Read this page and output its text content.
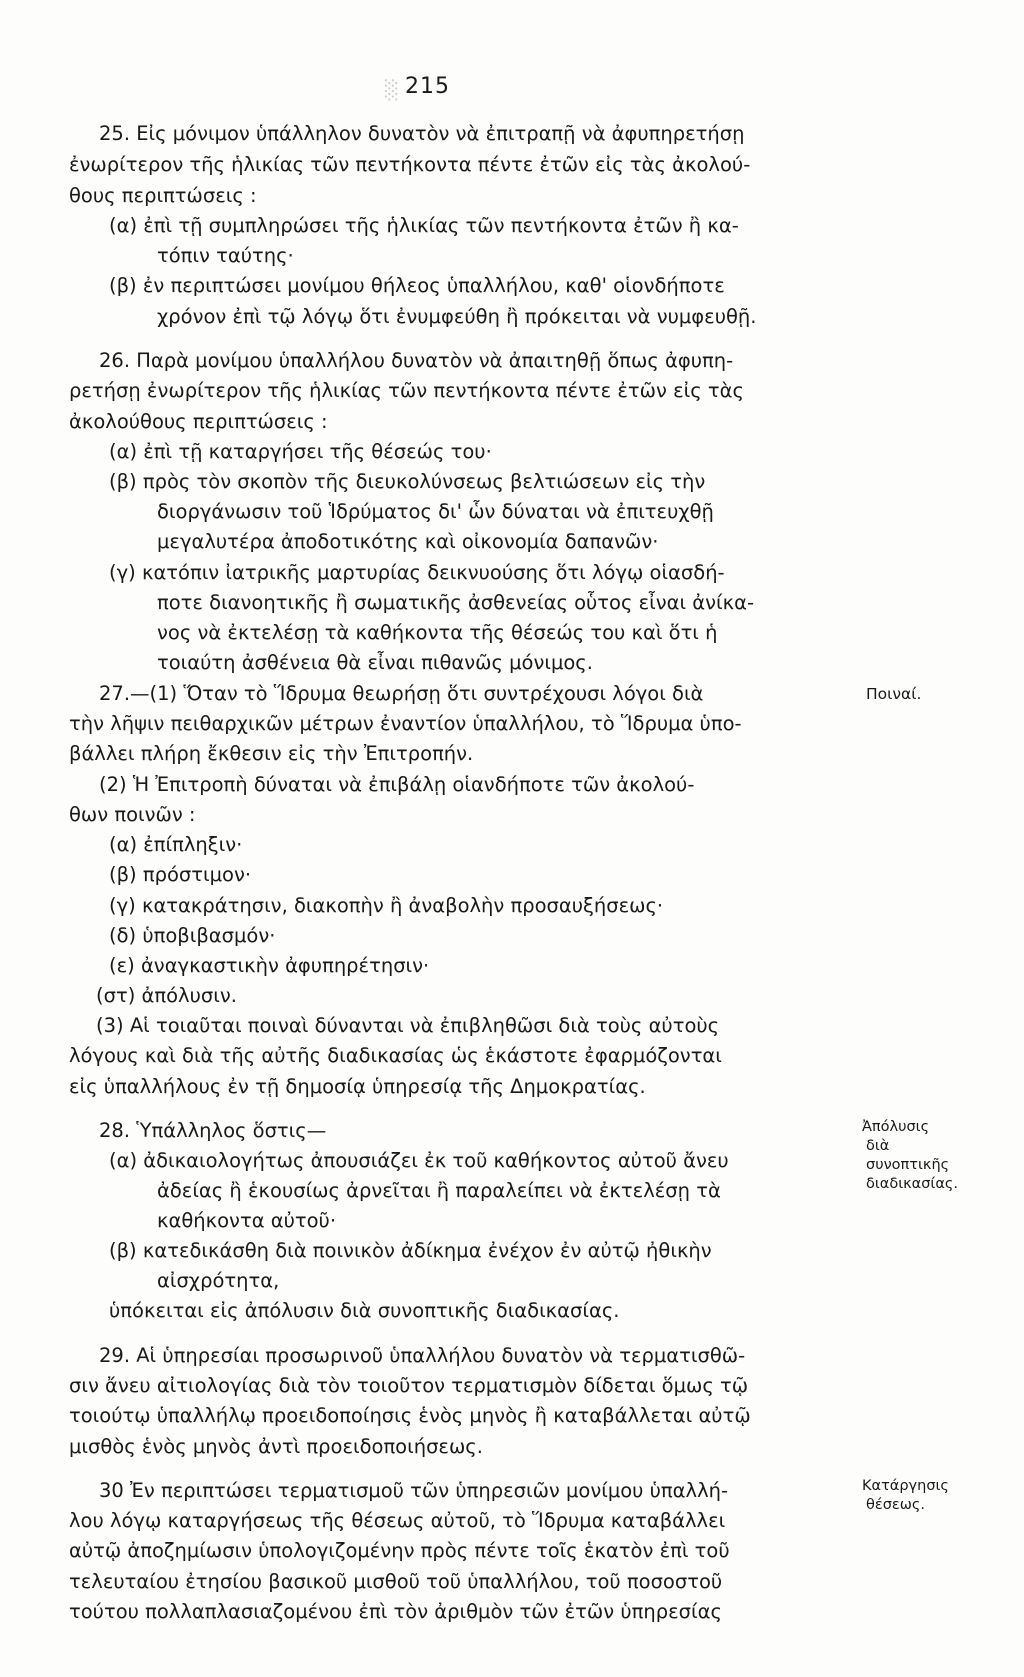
215
░
25. Εἰς μόνιμον ὑπάλληλον δυνατὸν νὰ ἐπιτραπῇ νὰ ἀφυπηρετήσῃ
ἐνωρίτερον τῆς ἡλικίας τῶν πεντήκοντα πέντε ἐτῶν εἰς τὰς ἀκολού-
θους περιπτώσεις :
(α) ἐπὶ τῇ συμπληρώσει τῆς ἡλικίας τῶν πεντήκοντα ἐτῶν ἢ κα-
τόπιν ταύτης·
(β) ἐν περιπτώσει μονίμου θήλεος ὑπαλλήλου, καθ' οἱονδήποτε
χρόνον ἐπὶ τῷ λόγῳ ὅτι ἐνυμφεύθη ἢ πρόκειται νὰ νυμφευθῇ.
26. Παρὰ μονίμου ὑπαλλήλου δυνατὸν νὰ ἀπαιτηθῇ ὅπως ἀφυπη-
ρετήσῃ ἐνωρίτερον τῆς ἡλικίας τῶν πεντήκοντα πέντε ἐτῶν εἰς τὰς
ἀκολούθους περιπτώσεις :
(α) ἐπὶ τῇ καταργήσει τῆς θέσεώς του·
(β) πρὸς τὸν σκοπὸν τῆς διευκολύνσεως βελτιώσεων εἰς τὴν
διοργάνωσιν τοῦ Ἱδρύματος δι' ὧν δύναται νὰ ἐπιτευχθῇ
μεγαλυτέρα ἀποδοτικότης καὶ οἰκονομία δαπανῶν·
(γ) κατόπιν ἰατρικῆς μαρτυρίας δεικνυούσης ὅτι λόγῳ οἱασδή-
ποτε διανοητικῆς ἢ σωματικῆς ἀσθενείας οὗτος εἶναι ἀνίκα-
νος νὰ ἐκτελέσῃ τὰ καθήκοντα τῆς θέσεώς του καὶ ὅτι ἡ
τοιαύτη ἀσθένεια θὰ εἶναι πιθανῶς μόνιμος.
27.—(1) Ὅταν τὸ Ἵδρυμα θεωρήσῃ ὅτι συντρέχουσι λόγοι διὰ
τὴν λῆψιν πειθαρχικῶν μέτρων ἐναντίον ὑπαλλήλου, τὸ Ἵδρυμα ὑπο-
βάλλει πλήρη ἔκθεσιν εἰς τὴν Ἐπιτροπήν.
(2) Ἡ Ἐπιτροπὴ δύναται νὰ ἐπιβάλῃ οἱανδήποτε τῶν ἀκολού-
θων ποινῶν :
(α) ἐπίπληξιν·
(β) πρόστιμον·
(γ) κατακράτησιν, διακοπὴν ἢ ἀναβολὴν προσαυξήσεως·
(δ) ὑποβιβασμόν·
(ε) ἀναγκαστικὴν ἀφυπηρέτησιν·
(στ) ἀπόλυσιν.
(3) Αἱ τοιαῦται ποιναὶ δύνανται νὰ ἐπιβληθῶσι διὰ τοὺς αὐτοὺς
λόγους καὶ διὰ τῆς αὐτῆς διαδικασίας ὡς ἑκάστοτε ἐφαρμόζονται
εἰς ὑπαλλήλους ἐν τῇ δημοσίᾳ ὑπηρεσίᾳ τῆς Δημοκρατίας.
28. Ὑπάλληλος ὅστις—
(α) ἀδικαιολογήτως ἀπουσιάζει ἐκ τοῦ καθήκοντος αὐτοῦ ἄνευ
ἀδείας ἢ ἑκουσίως ἀρνεῖται ἢ παραλείπει νὰ ἐκτελέσῃ τὰ
καθήκοντα αὐτοῦ·
(β) κατεδικάσθη διὰ ποινικὸν ἀδίκημα ἐνέχον ἐν αὐτῷ ἠθικὴν
αἰσχρότητα,
ὑπόκειται εἰς ἀπόλυσιν διὰ συνοπτικῆς διαδικασίας.
29. Αἱ ὑπηρεσίαι προσωρινοῦ ὑπαλλήλου δυνατὸν νὰ τερματισθῶ-
σιν ἄνευ αἰτιολογίας διὰ τὸν τοιοῦτον τερματισμὸν δίδεται ὅμως τῷ
τοιούτῳ ὑπαλλήλῳ προειδοποίησις ἑνὸς μηνὸς ἢ καταβάλλεται αὐτῷ
μισθὸς ἑνὸς μηνὸς ἀντὶ προειδοποιήσεως.
30 Ἐν περιπτώσει τερματισμοῦ τῶν ὑπηρεσιῶν μονίμου ὑπαλλή-
λου λόγῳ καταργήσεως τῆς θέσεως αὐτοῦ, τὸ Ἵδρυμα καταβάλλει
αὐτῷ ἀποζημίωσιν ὑπολογιζομένην πρὸς πέντε τοῖς ἑκατὸν ἐπὶ τοῦ
τελευταίου ἐτησίου βασικοῦ μισθοῦ τοῦ ὑπαλλήλου, τοῦ ποσοστοῦ
τούτου πολλαπλασιαζομένου ἐπὶ τὸν ἀριθμὸν τῶν ἐτῶν ὑπηρεσίας
Ποιναί.
Ἀπόλυσις
διὰ
συνοπτικῆς
διαδικασίας.
Κατάργησις
θέσεως.
